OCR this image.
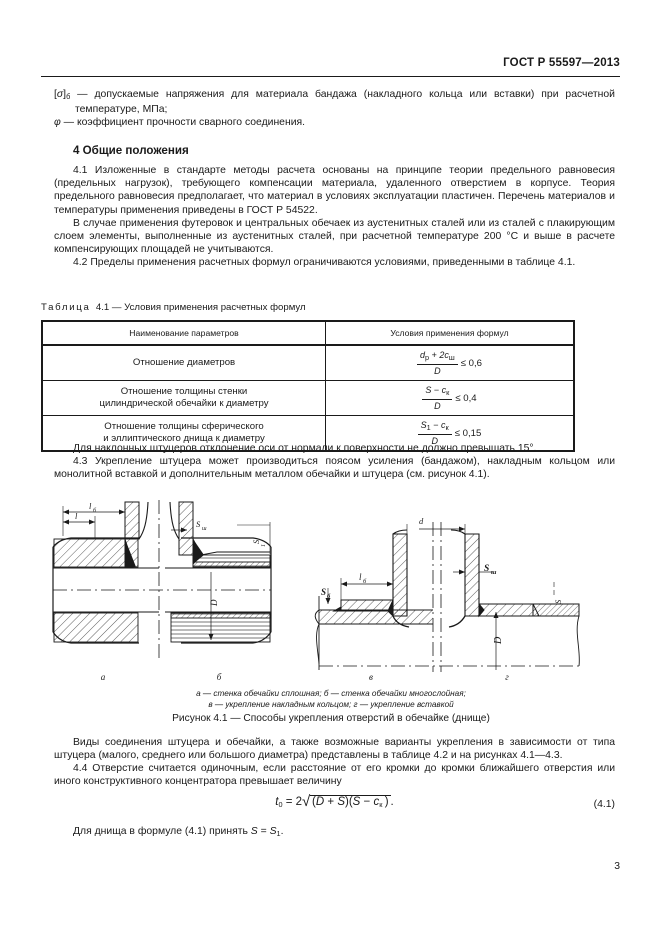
ГОСТ Р 55597—2013

$[\sigma]_б$ — допускаемые напряжения для материала бандажа (накладного кольца или вставки) при расчетной температуре, МПа;

φ — коэффициент прочности сварного соединения.

4 Общие положения

4.1 Изложенные в стандарте методы расчета основаны на принципе теории предельного равновесия (предельных нагрузок), требующего компенсации материала, удаленного отверстием в корпусе. Теория предельного равновесия предполагает, что материал в условиях эксплуатации пластичен. Перечень материалов и температуры применения приведены в ГОСТ Р 54522.

В случае применения футеровок и центральных обечаек из аустенитных сталей или из сталей с плакирующим слоем элементы, выполненные из аустенитных сталей, при расчетной температуре 200 °С и выше в расчете компенсирующих площадей не учитываются.

4.2 Пределы применения расчетных формул ограничиваются условиями, приведенными в таблице 4.1.

Таблица 4.1 — Условия применения расчетных формул
Наименование параметров	Условия применения формул

Отношение диаметров	$\frac{d_р + 2c_ш}{D} \le 0,6$

Отношение толщины стенки
цилиндрической обечайки к диаметру	$\frac{S - c_к}{D} \le 0,4$

Отношение толщины сферического
и эллиптического днища к диаметру	$\frac{S_1 - c_к}{D} \le 0,15$

Для наклонных штуцеров отклонение оси от нормали к поверхности не должно превышать 15°.

4.3 Укрепление штуцера может производиться поясом усиления (бандажом), накладным кольцом или монолитной вставкой и дополнительным металлом обечайки и штуцера (см. рисунок 4.1).

l б
l
S ш
S
1
D
d
l б
S ш
S б
S
D
а	б	в	г
а — стенка обечайки сплошная; б — стенка обечайки многослойная;
в — укрепление накладным кольцом; г — укрепление вставкой
Рисунок 4.1 — Способы укрепления отверстий в обечайке (днище)

Виды соединения штуцера и обечайки, а также возможные варианты укрепления в зависимости от типа штуцера (малого, среднего или большого диаметра) представлены в таблице 4.2 и на рисунках 4.1—4.3.

4.4 Отверстие считается одиночным, если расстояние от его кромки до кромки ближайшего отверстия или иного конструктивного концентратора превышает величину

$t_0 = 2$ √ $(D + S)(S - c_к$ ) .	(4.1)
Для днища в формуле (4.1) принять $S = S_1$.
3
